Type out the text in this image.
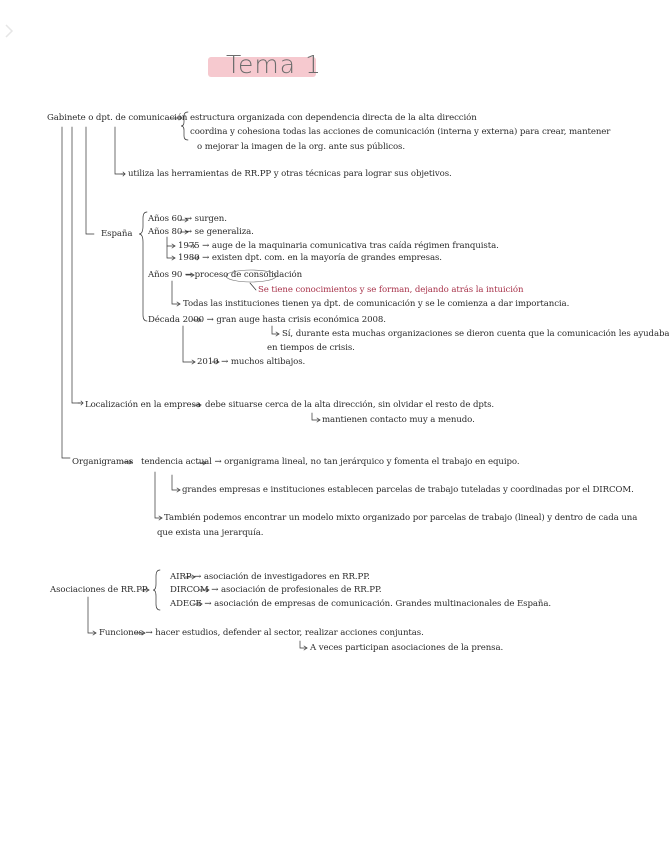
Tema 1
Gabinete o dpt. de comunicación estructura organizada con dependencia directa de la alta dirección
coordina y cohesiona todas las acciones de comunicación (interna y externa) para crear, mantener
o mejorar la imagen de la org. ante sus públicos.
utiliza las herramientas de RR.PP y otras técnicas para lograr sus objetivos.
España
Años 60 → surgen.
Años 80 → se generaliza.
1975 → auge de la maquinaria comunicativa tras caída régimen franquista.
1980 → existen dpt. com. en la mayoría de grandes empresas.
Años 90 → proceso de consolidación
Se tiene conocimientos y se forman, dejando atrás la intuición
Todas las instituciones tienen ya dpt. de comunicación y se le comienza a dar importancia.
Década 2000 → gran auge hasta crisis económica 2008.
Sí, durante esta muchas organizaciones se dieron cuenta que la comunicación les ayudaba
en tiempos de crisis.
2010 → muchos altibajos.
Localización en la empresa debe situarse cerca de la alta dirección, sin olvidar el resto de dpts.
mantienen contacto muy a menudo.
Organigramas tendencia actual → organigrama lineal, no tan jerárquico y fomenta el trabajo en equipo.
grandes empresas e instituciones establecen parcelas de trabajo tuteladas y coordinadas por el DIRCOM.
También podemos encontrar un modelo mixto organizado por parcelas de trabajo (lineal) y dentro de cada una
que exista una jerarquía.
Asociaciones de RR.PP
AIRP → asociación de investigadores en RR.PP.
DIRCOM → asociación de profesionales de RR.PP.
ADECE → asociación de empresas de comunicación. Grandes multinacionales de España.
Funciones → hacer estudios, defender al sector, realizar acciones conjuntas.
A veces participan asociaciones de la prensa.
